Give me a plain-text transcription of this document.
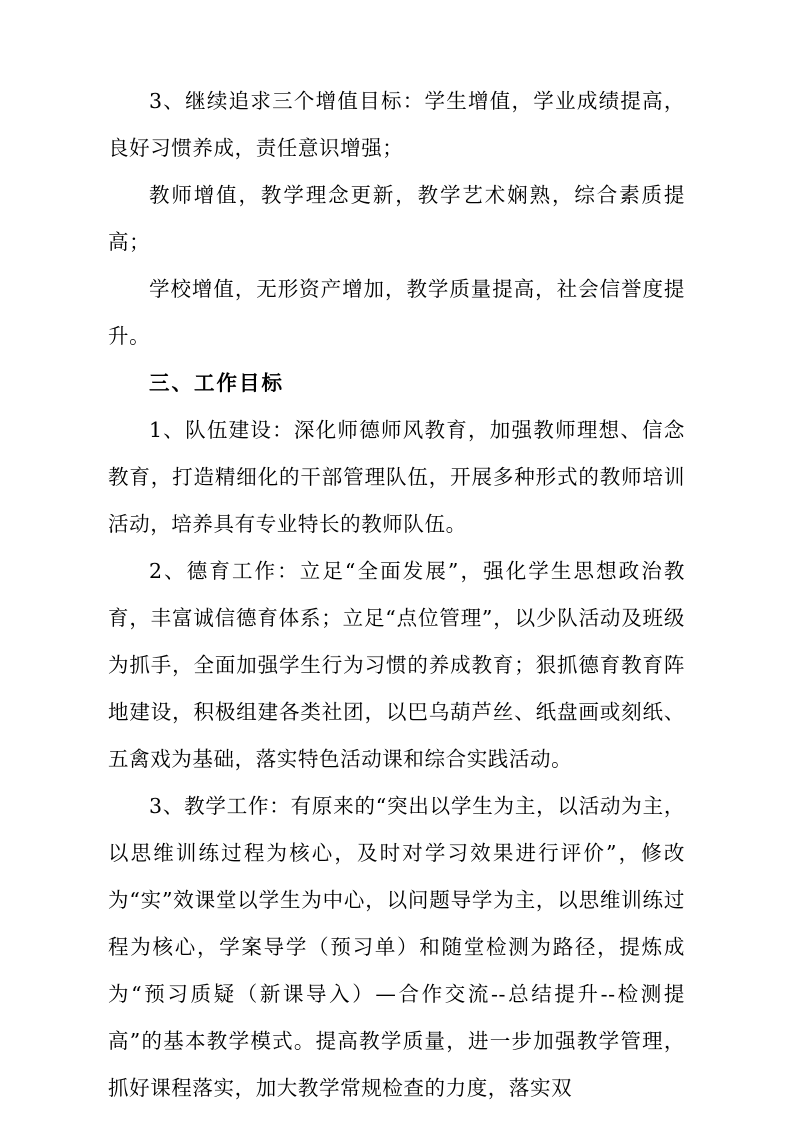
3、继续追求三个增值目标：学生增值，学业成绩提高，良好习惯养成，责任意识增强；

教师增值，教学理念更新，教学艺术娴熟，综合素质提高；

学校增值，无形资产增加，教学质量提高，社会信誉度提升。

三、工作目标

1、队伍建设：深化师德师风教育，加强教师理想、信念教育，打造精细化的干部管理队伍，开展多种形式的教师培训活动，培养具有专业特长的教师队伍。

2、德育工作：立足“全面发展”，强化学生思想政治教育，丰富诚信德育体系；立足“点位管理”，以少队活动及班级为抓手，全面加强学生行为习惯的养成教育；狠抓德育教育阵地建设，积极组建各类社团，以巴乌葫芦丝、纸盘画或刻纸、五禽戏为基础，落实特色活动课和综合实践活动。

3、教学工作：有原来的“突出以学生为主，以活动为主，以思维训练过程为核心，及时对学习效果进行评价”，修改为“实”效课堂以学生为中心，以问题导学为主，以思维训练过程为核心，学案导学（预习单）和随堂检测为路径，提炼成为“预习质疑（新课导入）—合作交流--总结提升--检测提高”的基本教学模式。提高教学质量，进一步加强教学管理，抓好课程落实，加大教学常规检查的力度，落实双
